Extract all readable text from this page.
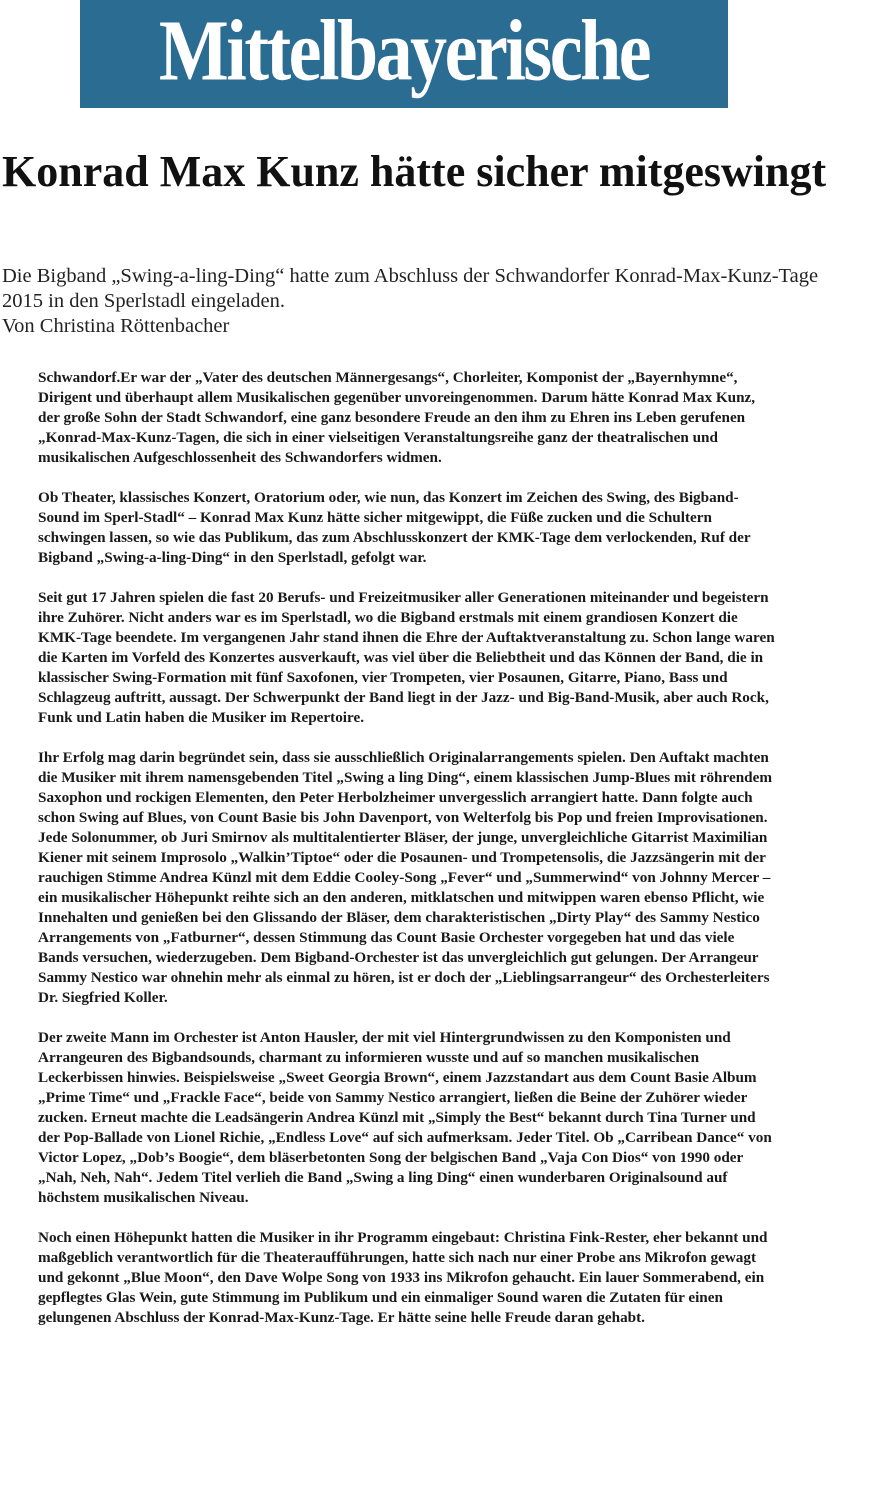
Mittelbayerische
Konrad Max Kunz hätte sicher mitgeswingt
Die Bigband „Swing-a-ling-Ding“ hatte zum Abschluss der Schwandorfer Konrad-Max-Kunz-Tage 2015 in den Sperlstadl eingeladen.
Von Christina Röttenbacher

Schwandorf.Er war der „Vater des deutschen Männergesangs“, Chorleiter, Komponist der „Bayernhymne“, Dirigent und überhaupt allem Musikalischen gegenüber unvoreingenommen. Darum hätte Konrad Max Kunz, der große Sohn der Stadt Schwandorf, eine ganz besondere Freude an den ihm zu Ehren ins Leben gerufenen „Konrad-Max-Kunz-Tagen, die sich in einer vielseitigen Veranstaltungsreihe ganz der theatralischen und musikalischen Aufgeschlossenheit des Schwandorfers widmen.

Ob Theater, klassisches Konzert, Oratorium oder, wie nun, das Konzert im Zeichen des Swing, des Bigband-Sound im Sperl-Stadl“ – Konrad Max Kunz hätte sicher mitgewippt, die Füße zucken und die Schultern schwingen lassen, so wie das Publikum, das zum Abschlusskonzert der KMK-Tage dem verlockenden, Ruf der Bigband „Swing-a-ling-Ding“ in den Sperlstadl, gefolgt war.

Seit gut 17 Jahren spielen die fast 20 Berufs- und Freizeitmusiker aller Generationen miteinander und begeistern ihre Zuhörer. Nicht anders war es im Sperlstadl, wo die Bigband erstmals mit einem grandiosen Konzert die KMK-Tage beendete. Im vergangenen Jahr stand ihnen die Ehre der Auftaktveranstaltung zu. Schon lange waren die Karten im Vorfeld des Konzertes ausverkauft, was viel über die Beliebtheit und das Können der Band, die in klassischer Swing-Formation mit fünf Saxofonen, vier Trompeten, vier Posaunen, Gitarre, Piano, Bass und Schlagzeug auftritt, aussagt. Der Schwerpunkt der Band liegt in der Jazz- und Big-Band-Musik, aber auch Rock, Funk und Latin haben die Musiker im Repertoire.

Ihr Erfolg mag darin begründet sein, dass sie ausschließlich Originalarrangements spielen. Den Auftakt machten die Musiker mit ihrem namensgebenden Titel „Swing a ling Ding“, einem klassischen Jump-Blues mit röhrendem Saxophon und rockigen Elementen, den Peter Herbolzheimer unvergesslich arrangiert hatte. Dann folgte auch schon Swing auf Blues, von Count Basie bis John Davenport, von Welterfolg bis Pop und freien Improvisationen. Jede Solonummer, ob Juri Smirnov als multitalentierter Bläser, der junge, unvergleichliche Gitarrist Maximilian Kiener mit seinem Improsolo „Walkin’Tiptoe“ oder die Posaunen- und Trompetensolis, die Jazzsängerin mit der rauchigen Stimme Andrea Künzl mit dem Eddie Cooley-Song „Fever“ und „Summerwind“ von Johnny Mercer – ein musikalischer Höhepunkt reihte sich an den anderen, mitklatschen und mitwippen waren ebenso Pflicht, wie Innehalten und genießen bei den Glissando der Bläser, dem charakteristischen „Dirty Play“ des Sammy Nestico Arrangements von „Fatburner“, dessen Stimmung das Count Basie Orchester vorgegeben hat und das viele Bands versuchen, wiederzugeben. Dem Bigband-Orchester ist das unvergleichlich gut gelungen. Der Arrangeur Sammy Nestico war ohnehin mehr als einmal zu hören, ist er doch der „Lieblingsarrangeur“ des Orchesterleiters Dr. Siegfried Koller.

Der zweite Mann im Orchester ist Anton Hausler, der mit viel Hintergrundwissen zu den Komponisten und Arrangeuren des Bigbandsounds, charmant zu informieren wusste und auf so manchen musikalischen Leckerbissen hinwies. Beispielsweise „Sweet Georgia Brown“, einem Jazzstandart aus dem Count Basie Album „Prime Time“ und „Frackle Face“, beide von Sammy Nestico arrangiert, ließen die Beine der Zuhörer wieder zucken. Erneut machte die Leadsängerin Andrea Künzl mit „Simply the Best“ bekannt durch Tina Turner und der Pop-Ballade von Lionel Richie, „Endless Love“ auf sich aufmerksam. Jeder Titel. Ob „Carribean Dance“ von Victor Lopez, „Dob’s Boogie“, dem bläserbetonten Song der belgischen Band „Vaja Con Dios“ von 1990 oder „Nah, Neh, Nah“. Jedem Titel verlieh die Band „Swing a ling Ding“ einen wunderbaren Originalsound auf höchstem musikalischen Niveau.

Noch einen Höhepunkt hatten die Musiker in ihr Programm eingebaut: Christina Fink-Rester, eher bekannt und maßgeblich verantwortlich für die Theateraufführungen, hatte sich nach nur einer Probe ans Mikrofon gewagt und gekonnt „Blue Moon“, den Dave Wolpe Song von 1933 ins Mikrofon gehaucht. Ein lauer Sommerabend, ein gepflegtes Glas Wein, gute Stimmung im Publikum und ein einmaliger Sound waren die Zutaten für einen gelungenen Abschluss der Konrad-Max-Kunz-Tage. Er hätte seine helle Freude daran gehabt.
